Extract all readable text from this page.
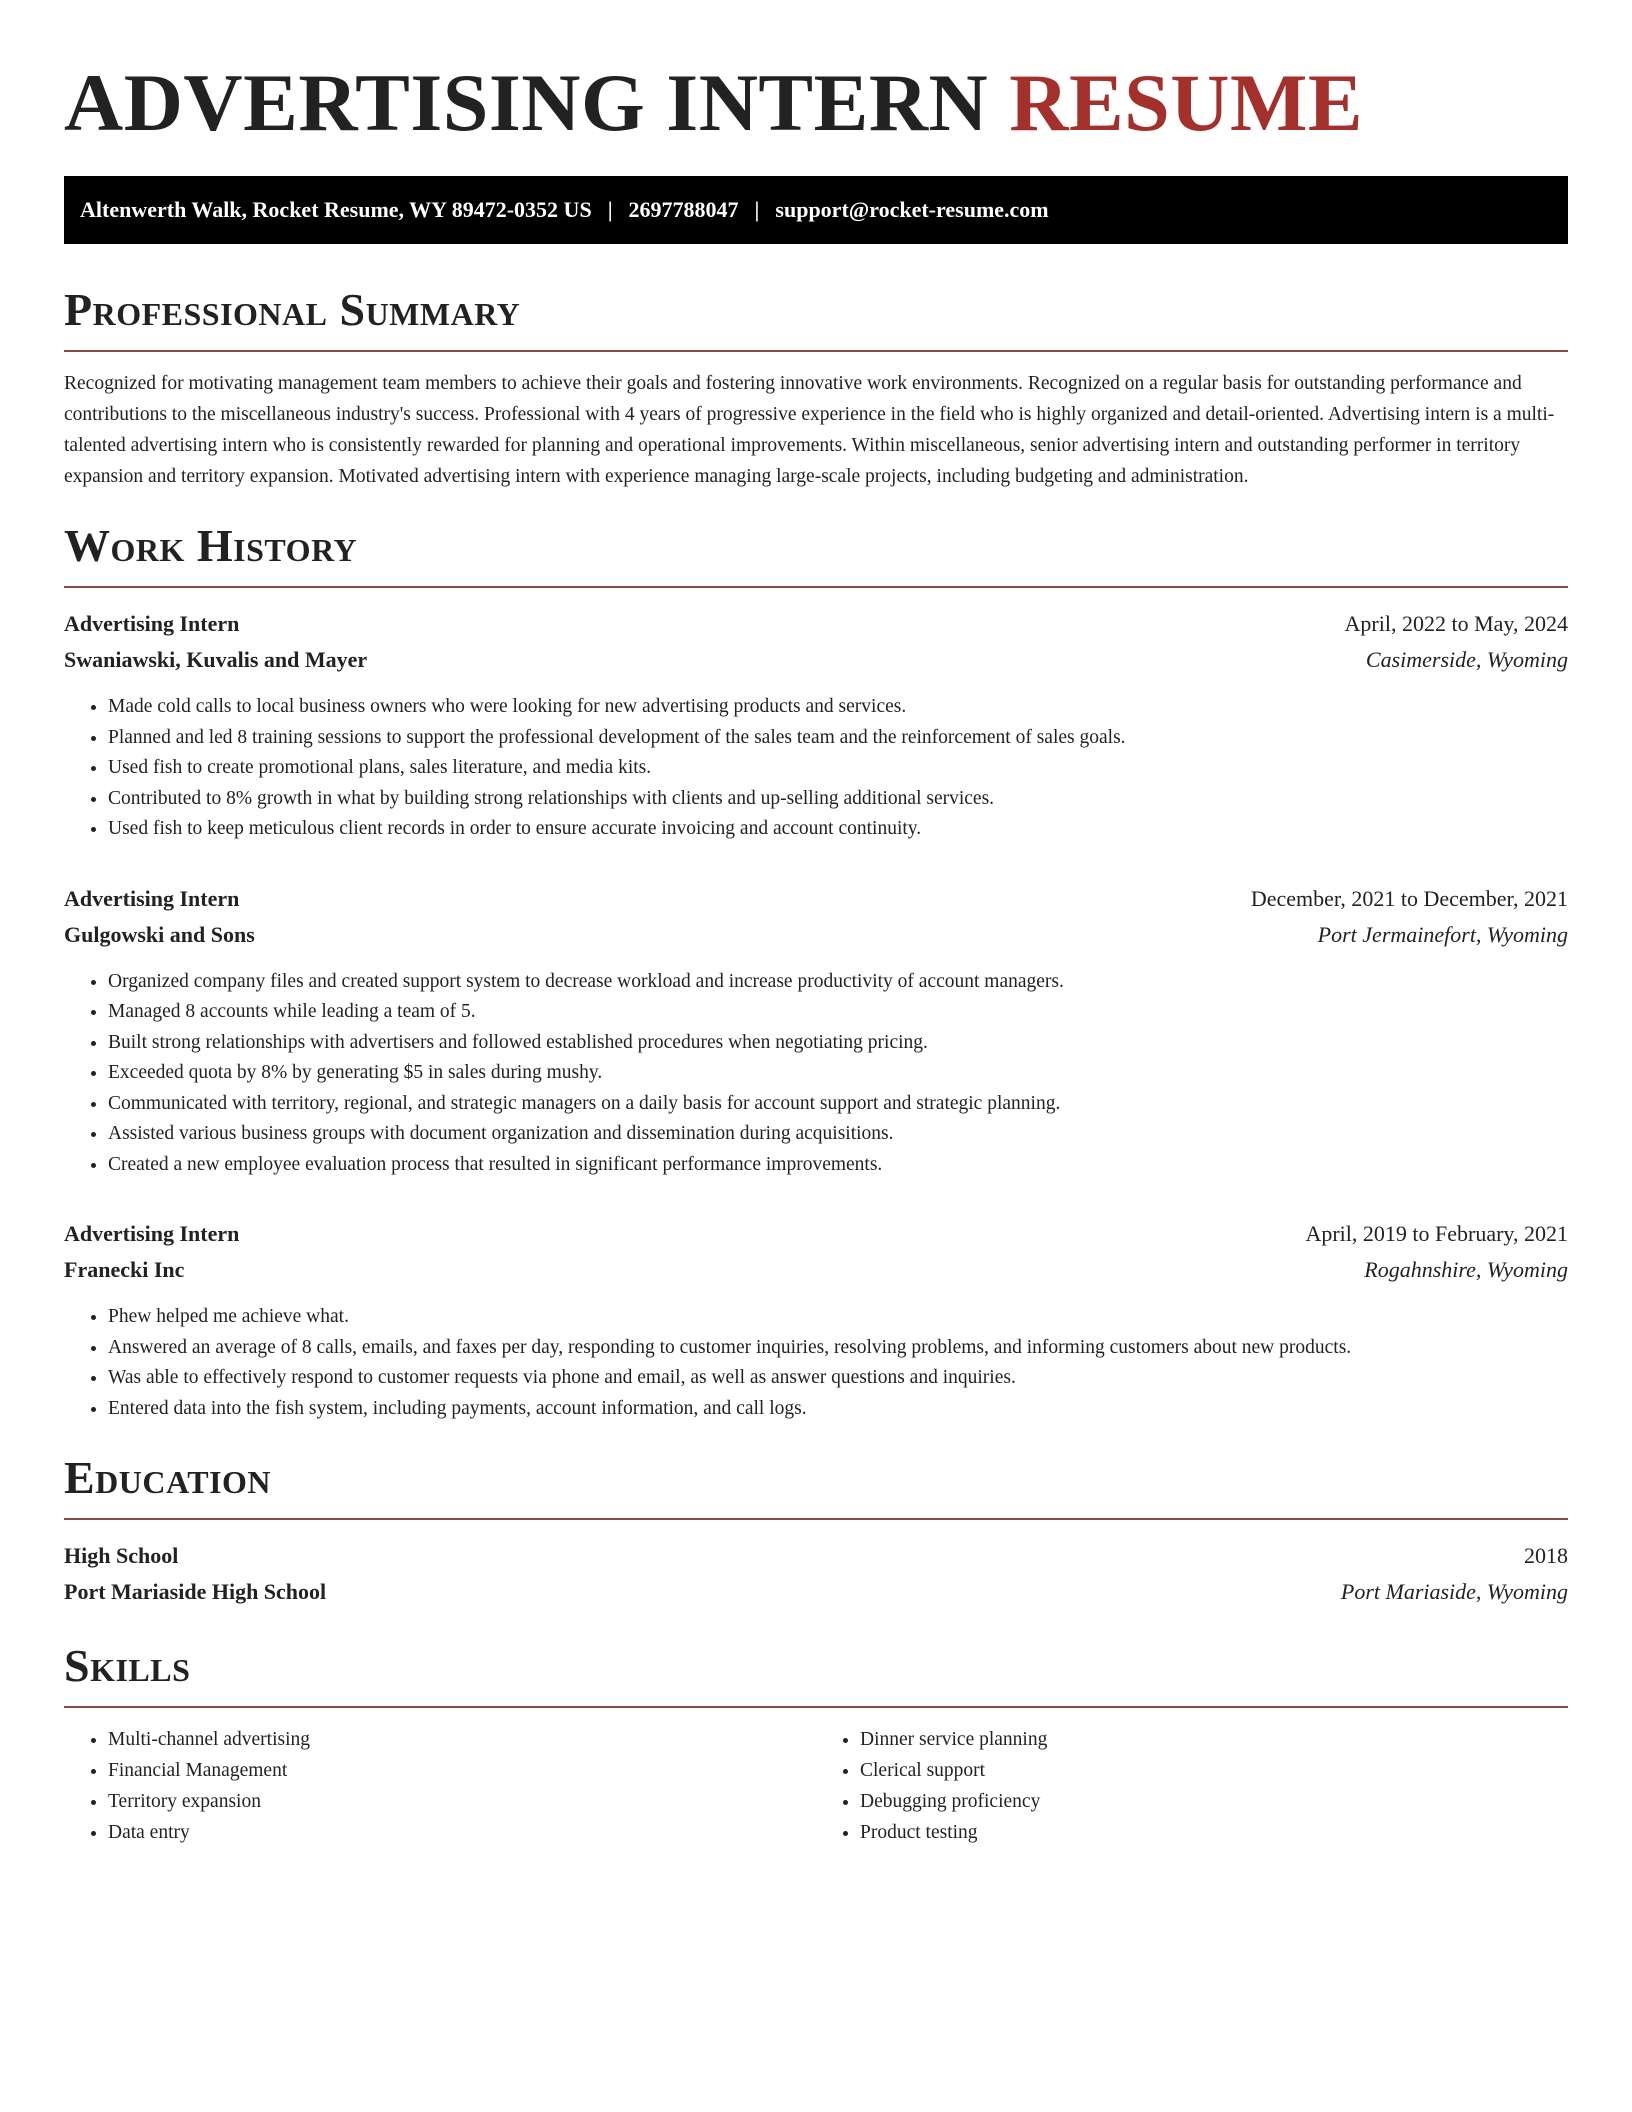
ADVERTISING INTERN RESUME
Altenwerth Walk, Rocket Resume, WY 89472-0352 US | 2697788047 | support@rocket-resume.com
Professional Summary

Recognized for motivating management team members to achieve their goals and fostering innovative work environments. Recognized on a regular basis for outstanding performance and contributions to the miscellaneous industry's success. Professional with 4 years of progressive experience in the field who is highly organized and detail-oriented. Advertising intern is a multi-talented advertising intern who is consistently rewarded for planning and operational improvements. Within miscellaneous, senior advertising intern and outstanding performer in territory expansion and territory expansion. Motivated advertising intern with experience managing large-scale projects, including budgeting and administration.

Work History
Advertising Intern	April, 2022 to May, 2024
Swaniawski, Kuvalis and Mayer	Casimerside, Wyoming
• Made cold calls to local business owners who were looking for new advertising products and services.
• Planned and led 8 training sessions to support the professional development of the sales team and the reinforcement of sales goals.
• Used fish to create promotional plans, sales literature, and media kits.
• Contributed to 8% growth in what by building strong relationships with clients and up-selling additional services.
• Used fish to keep meticulous client records in order to ensure accurate invoicing and account continuity.
Advertising Intern	December, 2021 to December, 2021
Gulgowski and Sons	Port Jermainefort, Wyoming
• Organized company files and created support system to decrease workload and increase productivity of account managers.
• Managed 8 accounts while leading a team of 5.
• Built strong relationships with advertisers and followed established procedures when negotiating pricing.
• Exceeded quota by 8% by generating $5 in sales during mushy.
• Communicated with territory, regional, and strategic managers on a daily basis for account support and strategic planning.
• Assisted various business groups with document organization and dissemination during acquisitions.
• Created a new employee evaluation process that resulted in significant performance improvements.
Advertising Intern	April, 2019 to February, 2021
Franecki Inc	Rogahnshire, Wyoming
• Phew helped me achieve what.
• Answered an average of 8 calls, emails, and faxes per day, responding to customer inquiries, resolving problems, and informing customers about new products.
• Was able to effectively respond to customer requests via phone and email, as well as answer questions and inquiries.
• Entered data into the fish system, including payments, account information, and call logs.
Education
High School	2018
Port Mariaside High School	Port Mariaside, Wyoming
Skills
• Multi-channel advertising
• Financial Management
• Territory expansion
• Data entry
• Dinner service planning
• Clerical support
• Debugging proficiency
• Product testing
